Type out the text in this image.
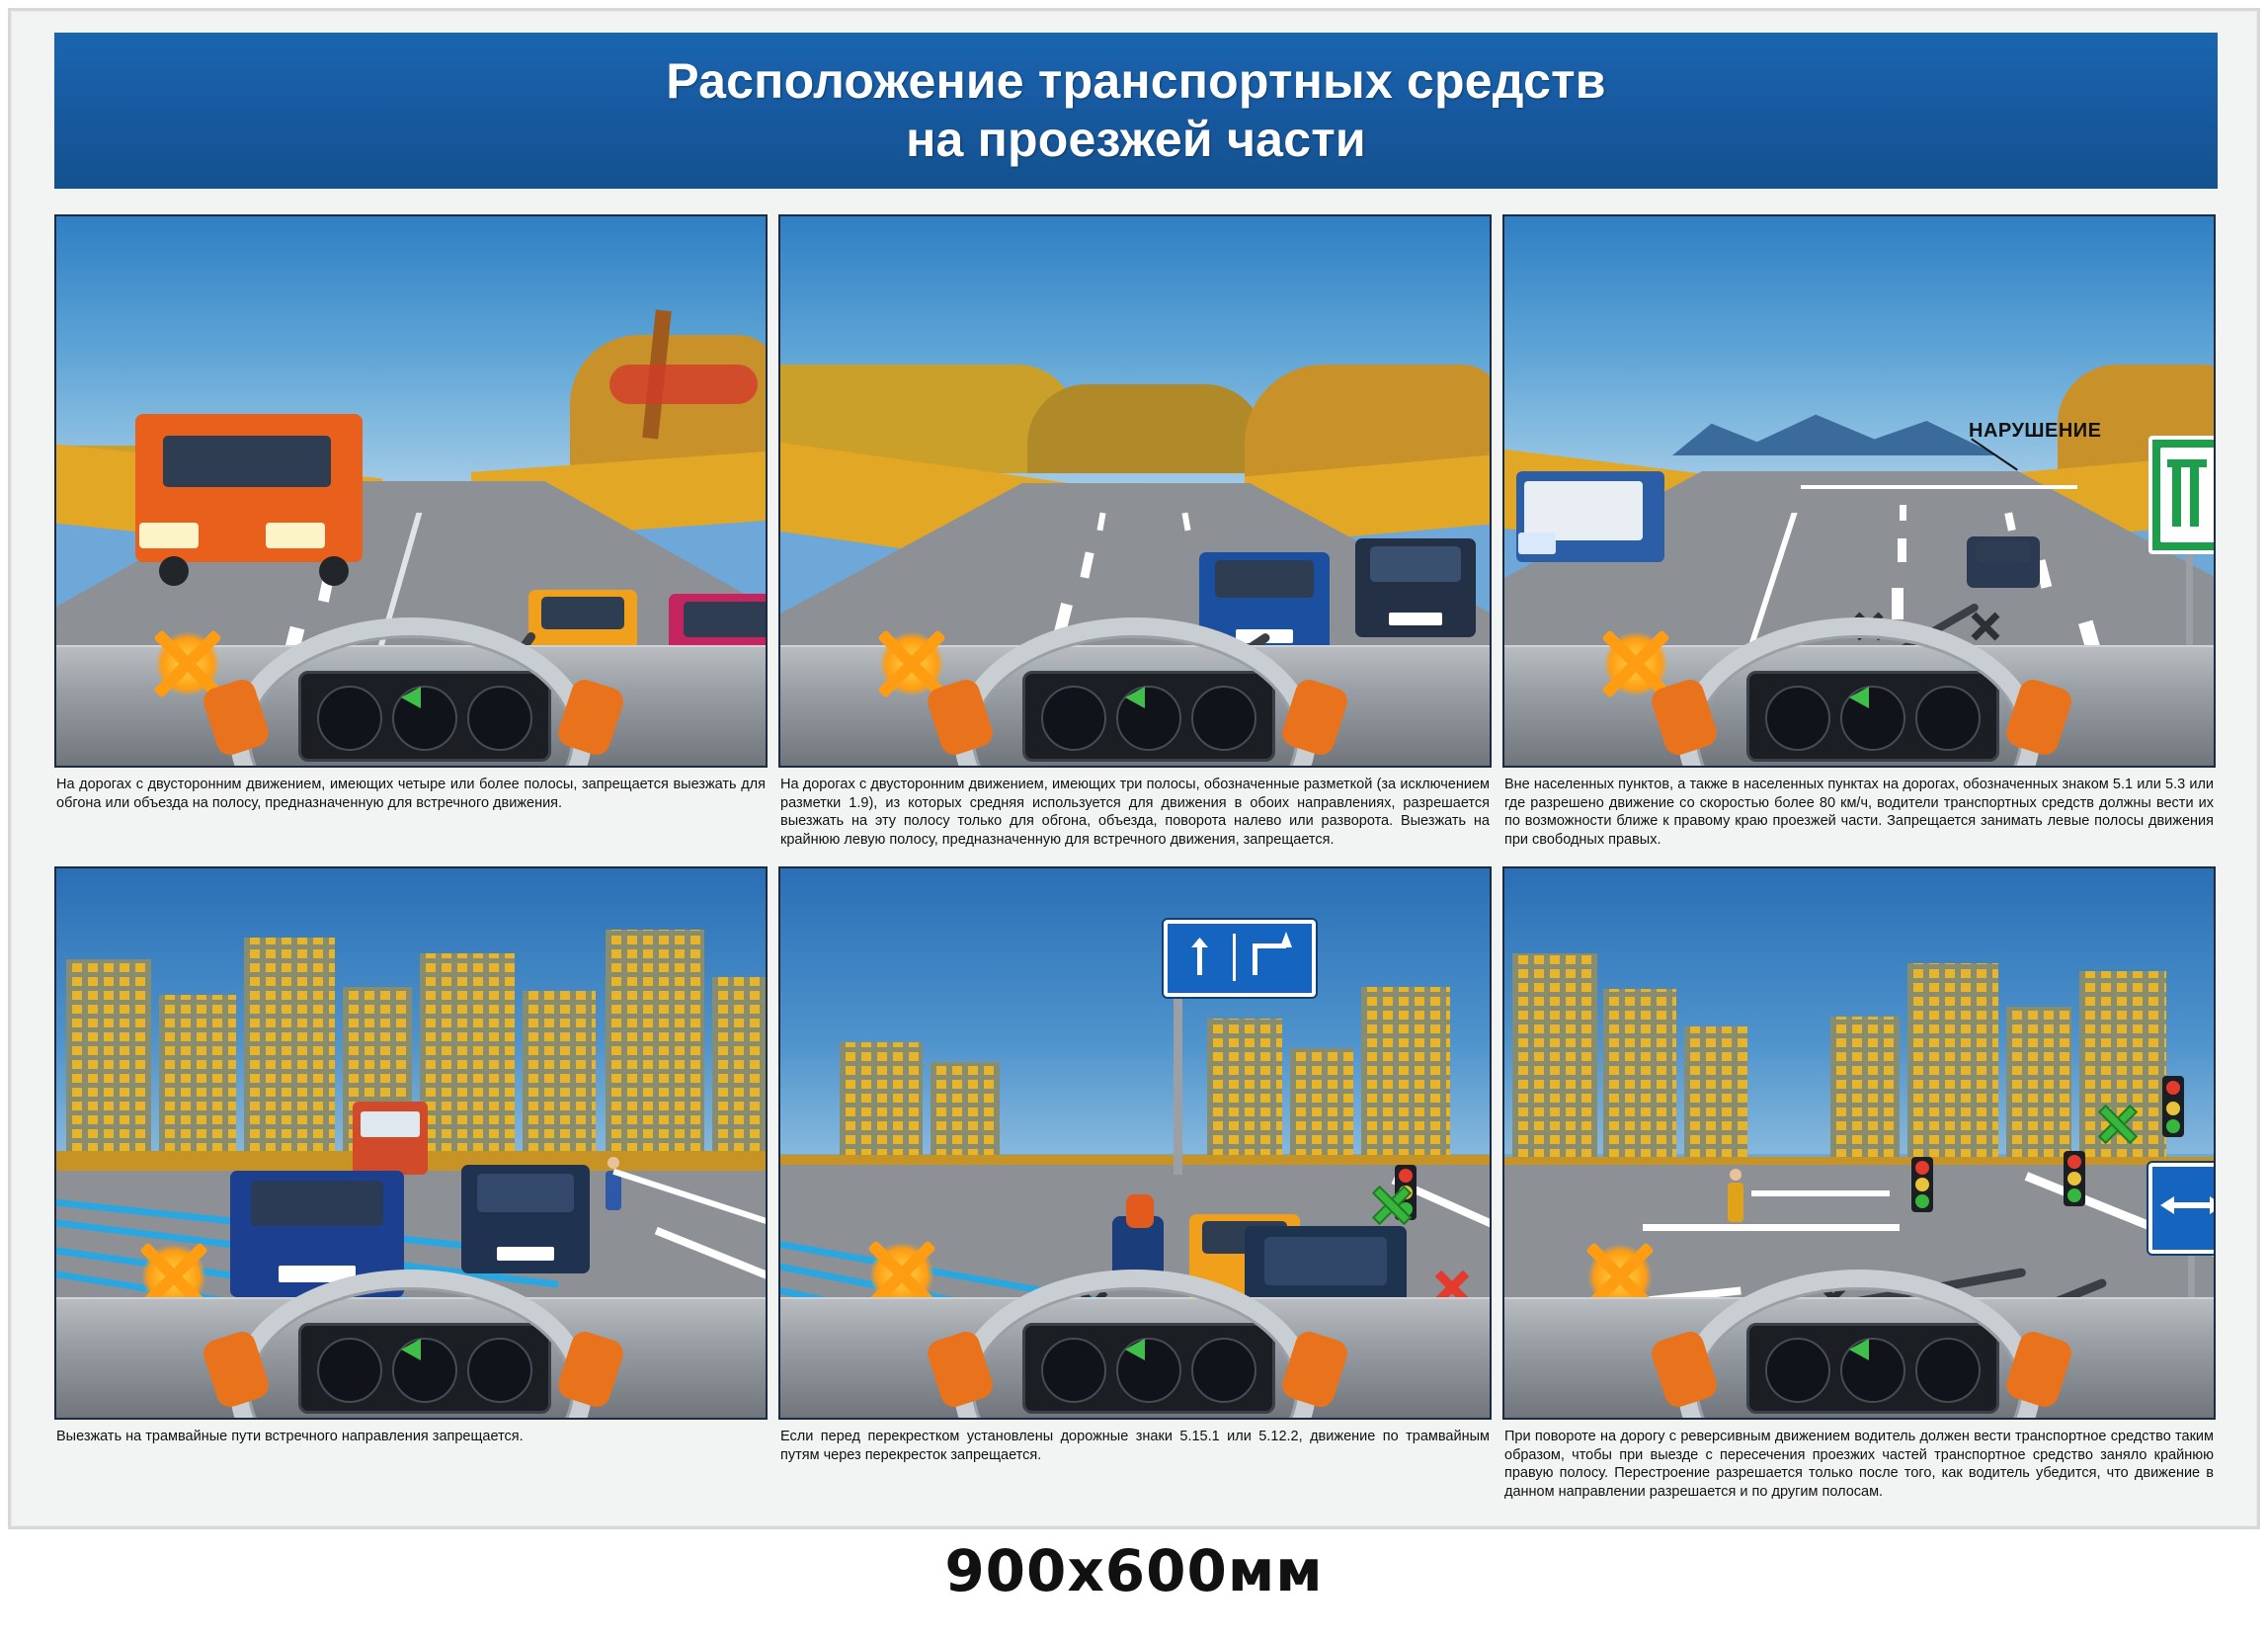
Расположение транспортных средств
на проезжей части
На дорогах с двусторонним движением, имеющих четыре или более полосы, запрещается выезжать для обгона или объезда на полосу, предназначенную для встречного движения.
На дорогах с двусторонним движением, имеющих три полосы, обозначенные разметкой (за исключением разметки 1.9), из которых средняя используется для движения в обоих направлениях, разрешается выезжать на эту полосу только для обгона, объезда, поворота налево или разворота. Выезжать на крайнюю левую полосу, предназначенную для встречного движения, запрещается.
НАРУШЕНИЕ
Вне населенных пунктов, а также в населенных пунктах на дорогах, обозначенных знаком 5.1 или 5.3 или где разрешено движение со скоростью более 80 км/ч, водители транспортных средств должны вести их по возможности ближе к правому краю проезжей части. Запрещается занимать левые полосы движения при свободных правых.
Выезжать на трамвайные пути встречного направления запрещается.	Если перед перекрестком установлены дорожные знаки 5.15.1 или 5.12.2, движение по трамвайным путям через перекресток запрещается.
При повороте на дорогу с реверсивным движением водитель должен вести транспортное средство таким образом, чтобы при выезде с пересечения проезжих частей транспортное средство заняло крайнюю правую полосу. Перестроение разрешается только после того, как водитель убедится, что движение в данном направлении разрешается и по другим полосам.
900x600мм
